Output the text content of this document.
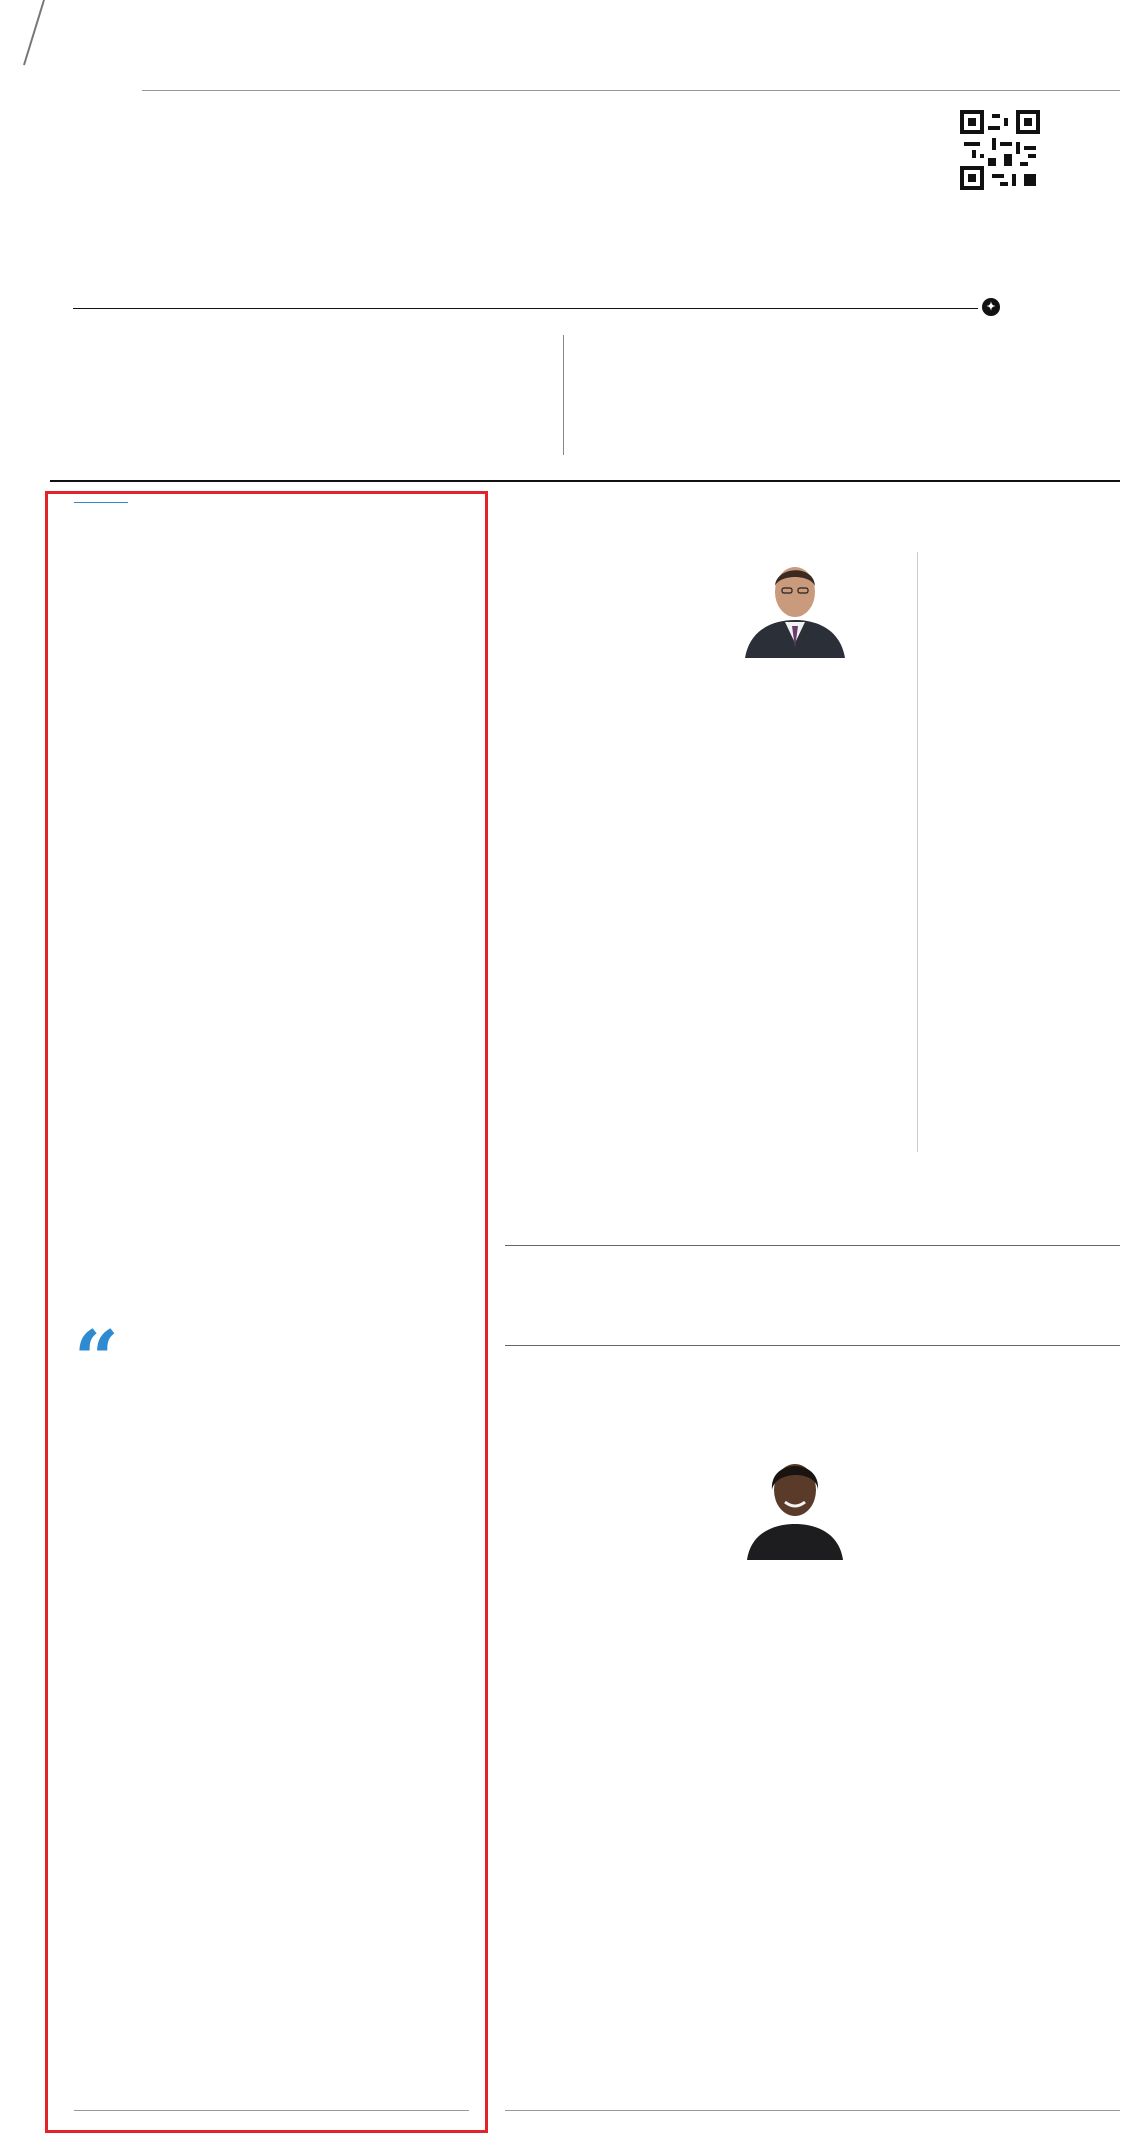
✦

“
